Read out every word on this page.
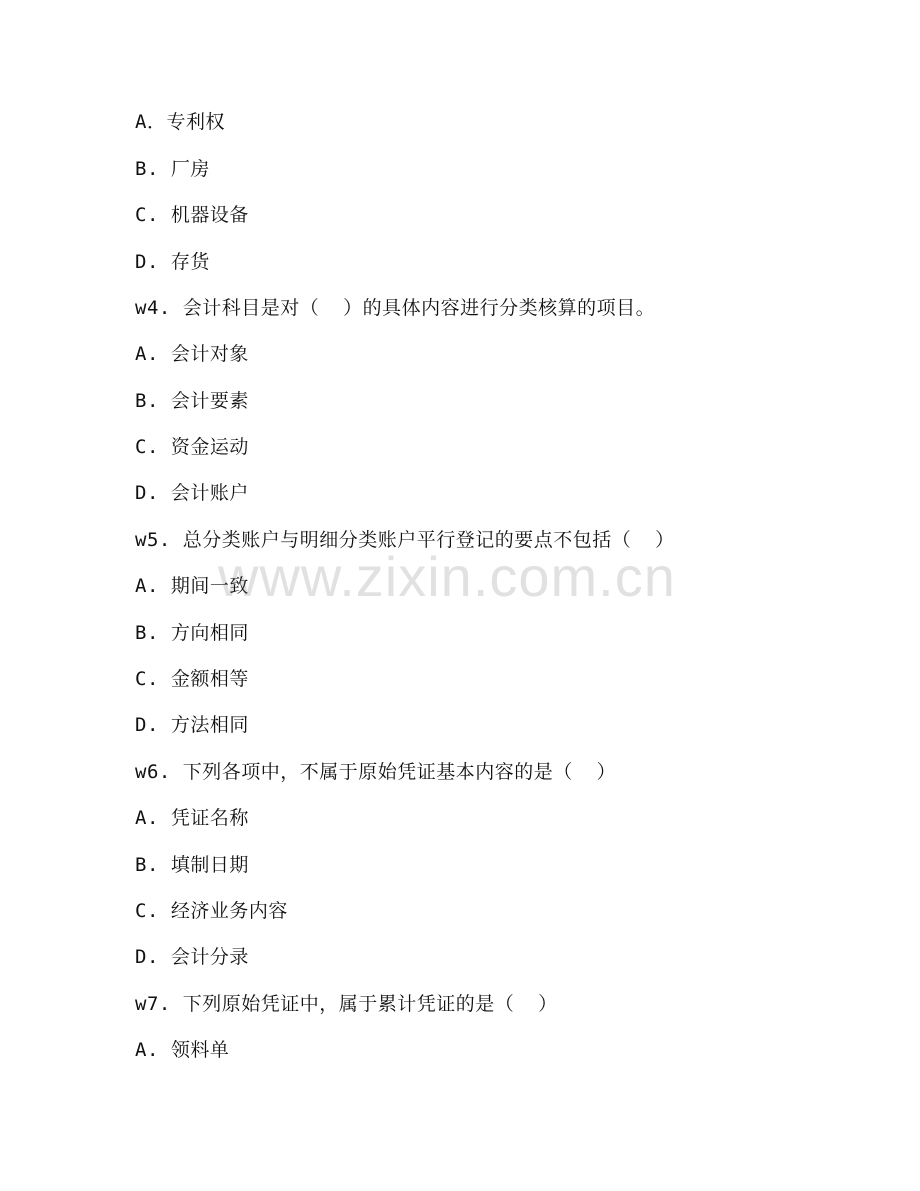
A．专利权
B. 厂房
C. 机器设备
D. 存货
w4. 会计科目是对（  ）的具体内容进行分类核算的项目。
A. 会计对象
B. 会计要素
C. 资金运动
D. 会计账户
w5. 总分类账户与明细分类账户平行登记的要点不包括（  ）
A. 期间一致
B. 方向相同
C. 金额相等
D. 方法相同
w6. 下列各项中，不属于原始凭证基本内容的是（  ）
A. 凭证名称
B. 填制日期
C. 经济业务内容
D. 会计分录
w7. 下列原始凭证中，属于累计凭证的是（  ）
A. 领料单
www.zixin.com.cn
